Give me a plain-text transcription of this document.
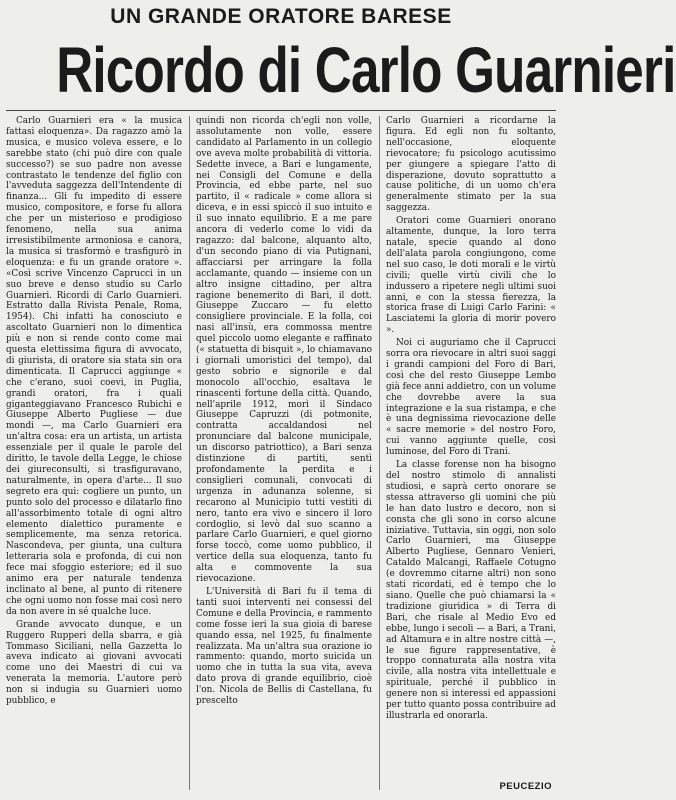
UN GRANDE ORATORE BARESE
Ricordo di Carlo Guarnieri

Carlo Guarnieri era « la musica fattasi eloquenza». Da ragazzo amò la musica, e musico voleva essere, e lo sarebbe stato (chi può dire con quale successo?) se suo padre non avesse contrastato le tendenze del figlio con l'avveduta saggezza dell'Intendente di finanza... Gli fu impedito di essere musico, compositore, e forse fu allora che per un misterioso e prodigioso fenomeno, nella sua anima irresistibilmente armoniosa e canora, la musica si trasformò e trasfigurò in eloquenza: e fu un grande oratore ». «Così scrive Vincenzo Caprucci in un suo breve e denso studio su Carlo Guarnieri. Ricordi di Carlo Guarnieri. Estratto dalla Rivista Penale, Roma, 1954). Chi infatti ha conosciuto e ascoltato Guarnieri non lo dimentica più e non si rende conto come mai questa elettissima figura di avvocato, di giurista, di oratore sia stata sin ora dimenticata. Il Caprucci aggiunge « che c'erano, suoi coevi, in Puglia, grandi oratori, fra i quali giganteggiavano Francesco Rubichi e Giuseppe Alberto Pugliese — due mondi —, ma Carlo Guarnieri era un'altra cosa: era un artista, un artista essenziale per il quale le parole del diritto, le tavole della Legge, le chiose dei giureconsulti, si trasfiguravano, naturalmente, in opera d'arte... Il suo segreto era qui: cogliere un punto, un punto solo del processo e dilatarlo fino all'assorbimento totale di ogni altro elemento dialettico puramente e semplicemente, ma senza retorica. Nascondeva, per giunta, una cultura letteraria sola e profonda, di cui non fece mai sfoggio esteriore; ed il suo animo era per naturale tendenza inclinato al bene, al punto di ritenere che ogni uomo non fosse mai così nero da non avere in sé qualche luce.

Grande avvocato dunque, e un Ruggero Rupperi della sbarra, e già Tommaso Siciliani, nella Gazzetta lo aveva indicato ai giovani avvocati come uno dei Maestri di cui va venerata la memoria. L'autore però non si indugia su Guarnieri uomo pubblico, e

quindi non ricorda ch'egli non volle, assolutamente non volle, essere candidato al Parlamento in un collegio ove aveva molte probabilità di vittoria. Sedette invece, a Bari e lungamente, nei Consigli del Comune e della Provincia, ed ebbe parte, nel suo partito, il « radicale » come allora si diceva, e in essi spiccò il suo intuito e il suo innato equilibrio. E a me pare ancora di vederlo come lo vidi da ragazzo: dal balcone, alquanto alto, d'un secondo piano di via Putignani, affacciarsi per arringare la folla acclamante, quando — insieme con un altro insigne cittadino, per altra ragione benemerito di Bari, il dott. Giuseppe Zuccaro — fu eletto consigliere provinciale. E la folla, coi nasi all'insù, era commossa mentre quel piccolo uomo elegante e raffinato (« statuetta di bisquit », lo chiamavano i giornali umoristici del tempo), dal gesto sobrio e signorile e dal monocolo all'occhio, esaltava le rinascenti fortune della città. Quando, nell'aprile 1912, morì il Sindaco Giuseppe Capruzzi (di potmonite, contratta accaldandosi nel pronunciare dal balcone municipale, un discorso patriottico), a Bari senza distinzione di partiti, sentì profondamente la perdita e i consiglieri comunali, convocati di urgenza in adunanza solenne, si recarono al Municipio tutti vestiti di nero, tanto era vivo e sincero il loro cordoglio, si levò dal suo scanno a parlare Carlo Guarnieri, e quel giorno forse toccò, come uomo pubblico, il vertice della sua eloquenza, tanto fu alta e commovente la sua rievocazione.

L'Università di Bari fu il tema di tanti suoi interventi nei consessi del Comune e della Provincia, e rammento come fosse ieri la sua gioia di barese quando essa, nel 1925, fu finalmente realizzata. Ma un'altra sua orazione io rammento: quando, morto suicida un uomo che in tutta la sua vita, aveva dato prova di grande equilibrio, cioè l'on. Nicola de Bellis di Castellana, fu prescelto

Carlo Guarnieri a ricordarne la figura. Ed egli non fu soltanto, nell'occasione, eloquente rievocatore; fu psicologo acutissimo per giungere a spiegare l'atto di disperazione, dovuto soprattutto a cause politiche, di un uomo ch'era generalmente stimato per la sua saggezza.

Oratori come Guarnieri onorano altamente, dunque, la loro terra natale, specie quando al dono dell'alata parola congiungono, come nel suo caso, le doti morali e le virtù civili; quelle virtù civili che lo indussero a ripetere negli ultimi suoi anni, e con la stessa fierezza, la storica frase di Luigi Carlo Farini: « Lasciatemi la gloria di morir povero ».

Noi ci auguriamo che il Caprucci sorra ora rievocare in altri suoi saggi i grandi campioni del Foro di Bari, così che del resto Giuseppe Lembo già fece anni addietro, con un volume che dovrebbe avere la sua integrazione e la sua ristampa, e che è una degnissima rievocazione delle « sacre memorie » del nostro Foro, cui vanno aggiunte quelle, così luminose, del Foro di Trani.

La classe forense non ha bisogno del nostro stimolo di annalisti studiosi, e saprà certo onorare se stessa attraverso gli uomini che più le han dato lustro e decoro, non si consta che gli sono in corso alcune iniziative. Tuttavia, sin oggi, non solo Carlo Guarnieri, ma Giuseppe Alberto Pugliese, Gennaro Venieri, Cataldo Malcangi, Raffaele Cotugno (e dovremmo citarne altri) non sono stati ricordati, ed è tempo che lo siano. Quelle che può chiamarsi la « tradizione giuridica » di Terra di Bari, che risale al Medio Evo ed ebbe, lungo i secoli — a Bari, a Trani, ad Altamura e in altre nostre città —, le sue figure rappresentative, è troppo connaturata alla nostra vita civile, alla nostra vita intellettuale e spirituale, perché il pubblico in genere non si interessi ed appassioni per tutto quanto possa contribuire ad illustrarla ed onorarla.

PEUCEZIO
